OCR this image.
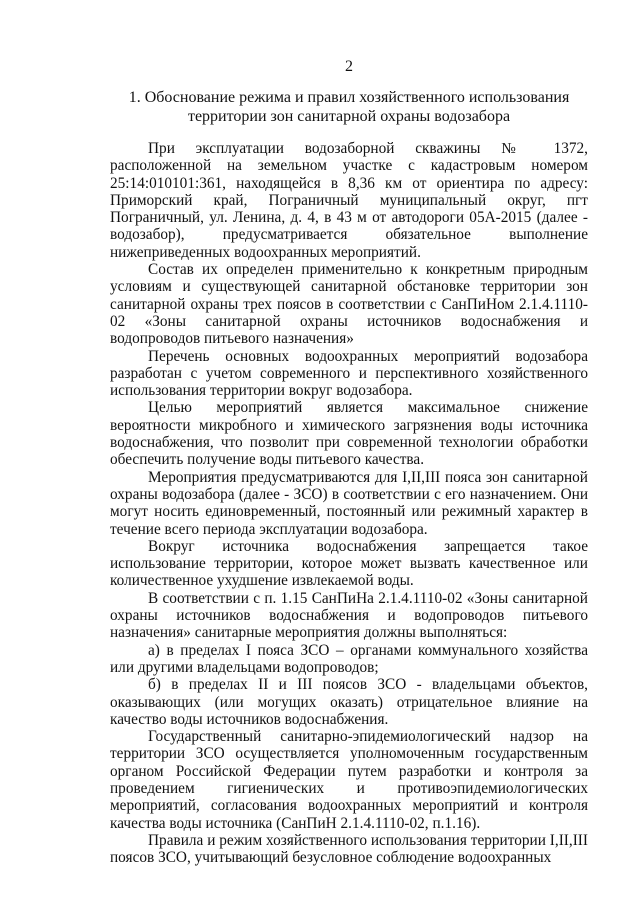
2
1. Обоснование режима и правил хозяйственного использования
территории зон санитарной охраны водозабора

При эксплуатации водозаборной скважины № 1372, расположенной на земельном участке с кадастровым номером 25:14:010101:361, находящейся в 8,36 км от ориентира по адресу: Приморский край, Пограничный муниципальный округ, пгт Пограничный, ул. Ленина, д. 4, в 43 м от автодороги 05А-2015 (далее - водозабор), предусматривается обязательное выполнение нижеприведенных водоохранных мероприятий.

Состав их определен применительно к конкретным природным условиям и существующей санитарной обстановке территории зон санитарной охраны трех поясов в соответствии с СанПиНом 2.1.4.1110-02 «Зоны санитарной охраны источников водоснабжения и водопроводов питьевого назначения»

Перечень основных водоохранных мероприятий водозабора разработан с учетом современного и перспективного хозяйственного использования территории вокруг водозабора.

Целью мероприятий является максимальное снижение вероятности микробного и химического загрязнения воды источника водоснабжения, что позволит при современной технологии обработки обеспечить получение воды питьевого качества.

Мероприятия предусматриваются для I,II,III пояса зон санитарной охраны водозабора (далее - ЗСО) в соответствии с его назначением. Они могут носить единовременный, постоянный или режимный характер в течение всего периода эксплуатации водозабора.

Вокруг источника водоснабжения запрещается такое использование территории, которое может вызвать качественное или количественное ухудшение извлекаемой воды.

В соответствии с п. 1.15 СанПиНа 2.1.4.1110-02 «Зоны санитарной охраны источников водоснабжения и водопроводов питьевого назначения» санитарные мероприятия должны выполняться:

а) в пределах I пояса ЗСО – органами коммунального хозяйства или другими владельцами водопроводов;

б) в пределах II и III поясов ЗСО - владельцами объектов, оказывающих (или могущих оказать) отрицательное влияние на качество воды источников водоснабжения.

Государственный санитарно-эпидемиологический надзор на территории ЗСО осуществляется уполномоченным государственным органом Российской Федерации путем разработки и контроля за проведением гигиенических и противоэпидемиологических мероприятий, согласования водоохранных мероприятий и контроля качества воды источника (СанПиН 2.1.4.1110-02, п.1.16).

Правила и режим хозяйственного использования территории I,II,III поясов ЗСО, учитывающий безусловное соблюдение водоохранных
